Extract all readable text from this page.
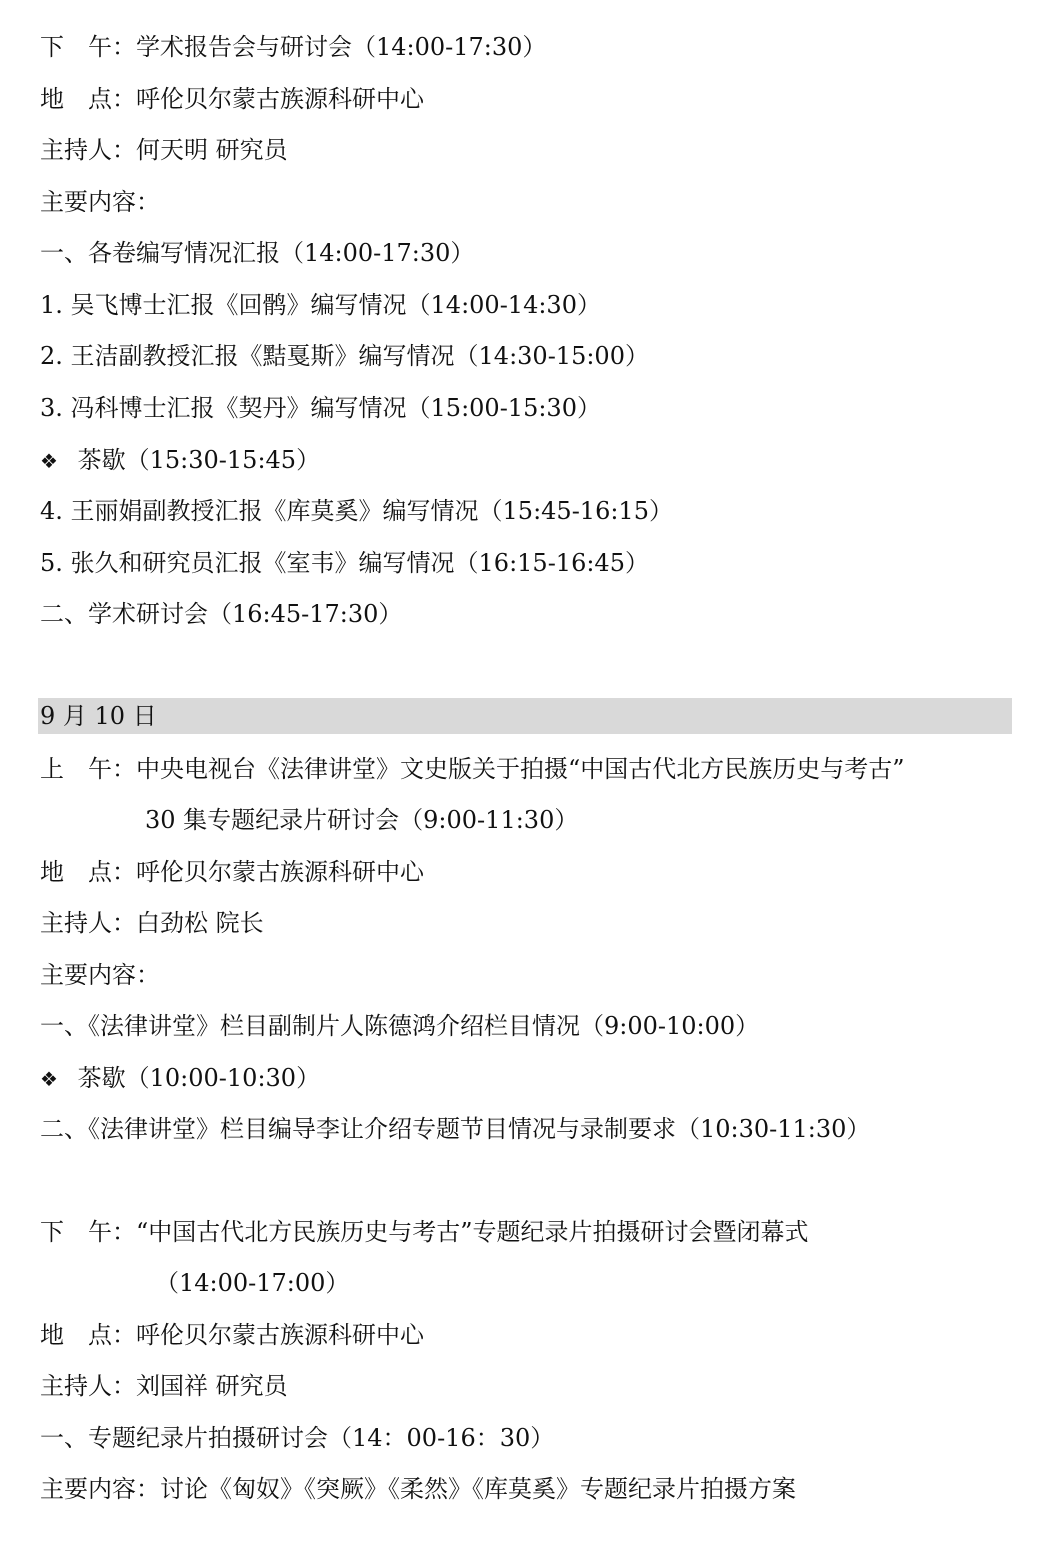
下　午：学术报告会与研讨会（14:00-17:30）
地　点：呼伦贝尔蒙古族源科研中心
主持人：何天明 研究员
主要内容：
一、各卷编写情况汇报（14:00-17:30）
1. 吴飞博士汇报《回鹘》编写情况（14:00-14:30）
2. 王洁副教授汇报《黠戛斯》编写情况（14:30-15:00）
3. 冯科博士汇报《契丹》编写情况（15:00-15:30）
❖ 茶歇（15:30-15:45）
4. 王丽娟副教授汇报《库莫奚》编写情况（15:45-16:15）
5. 张久和研究员汇报《室韦》编写情况（16:15-16:45）
二、学术研讨会（16:45-17:30）
9 月 10 日
上　午：中央电视台《法律讲堂》文史版关于拍摄“中国古代北方民族历史与考古”
30 集专题纪录片研讨会（9:00-11:30）
地　点：呼伦贝尔蒙古族源科研中心
主持人：白劲松 院长
主要内容：
一、《法律讲堂》栏目副制片人陈德鸿介绍栏目情况（9:00-10:00）
❖ 茶歇（10:00-10:30）
二、《法律讲堂》栏目编导李让介绍专题节目情况与录制要求（10:30-11:30）
下　午：“中国古代北方民族历史与考古”专题纪录片拍摄研讨会暨闭幕式
（14:00-17:00）
地　点：呼伦贝尔蒙古族源科研中心
主持人：刘国祥 研究员
一、专题纪录片拍摄研讨会（14：00-16：30）
主要内容：讨论《匈奴》《突厥》《柔然》《库莫奚》专题纪录片拍摄方案
